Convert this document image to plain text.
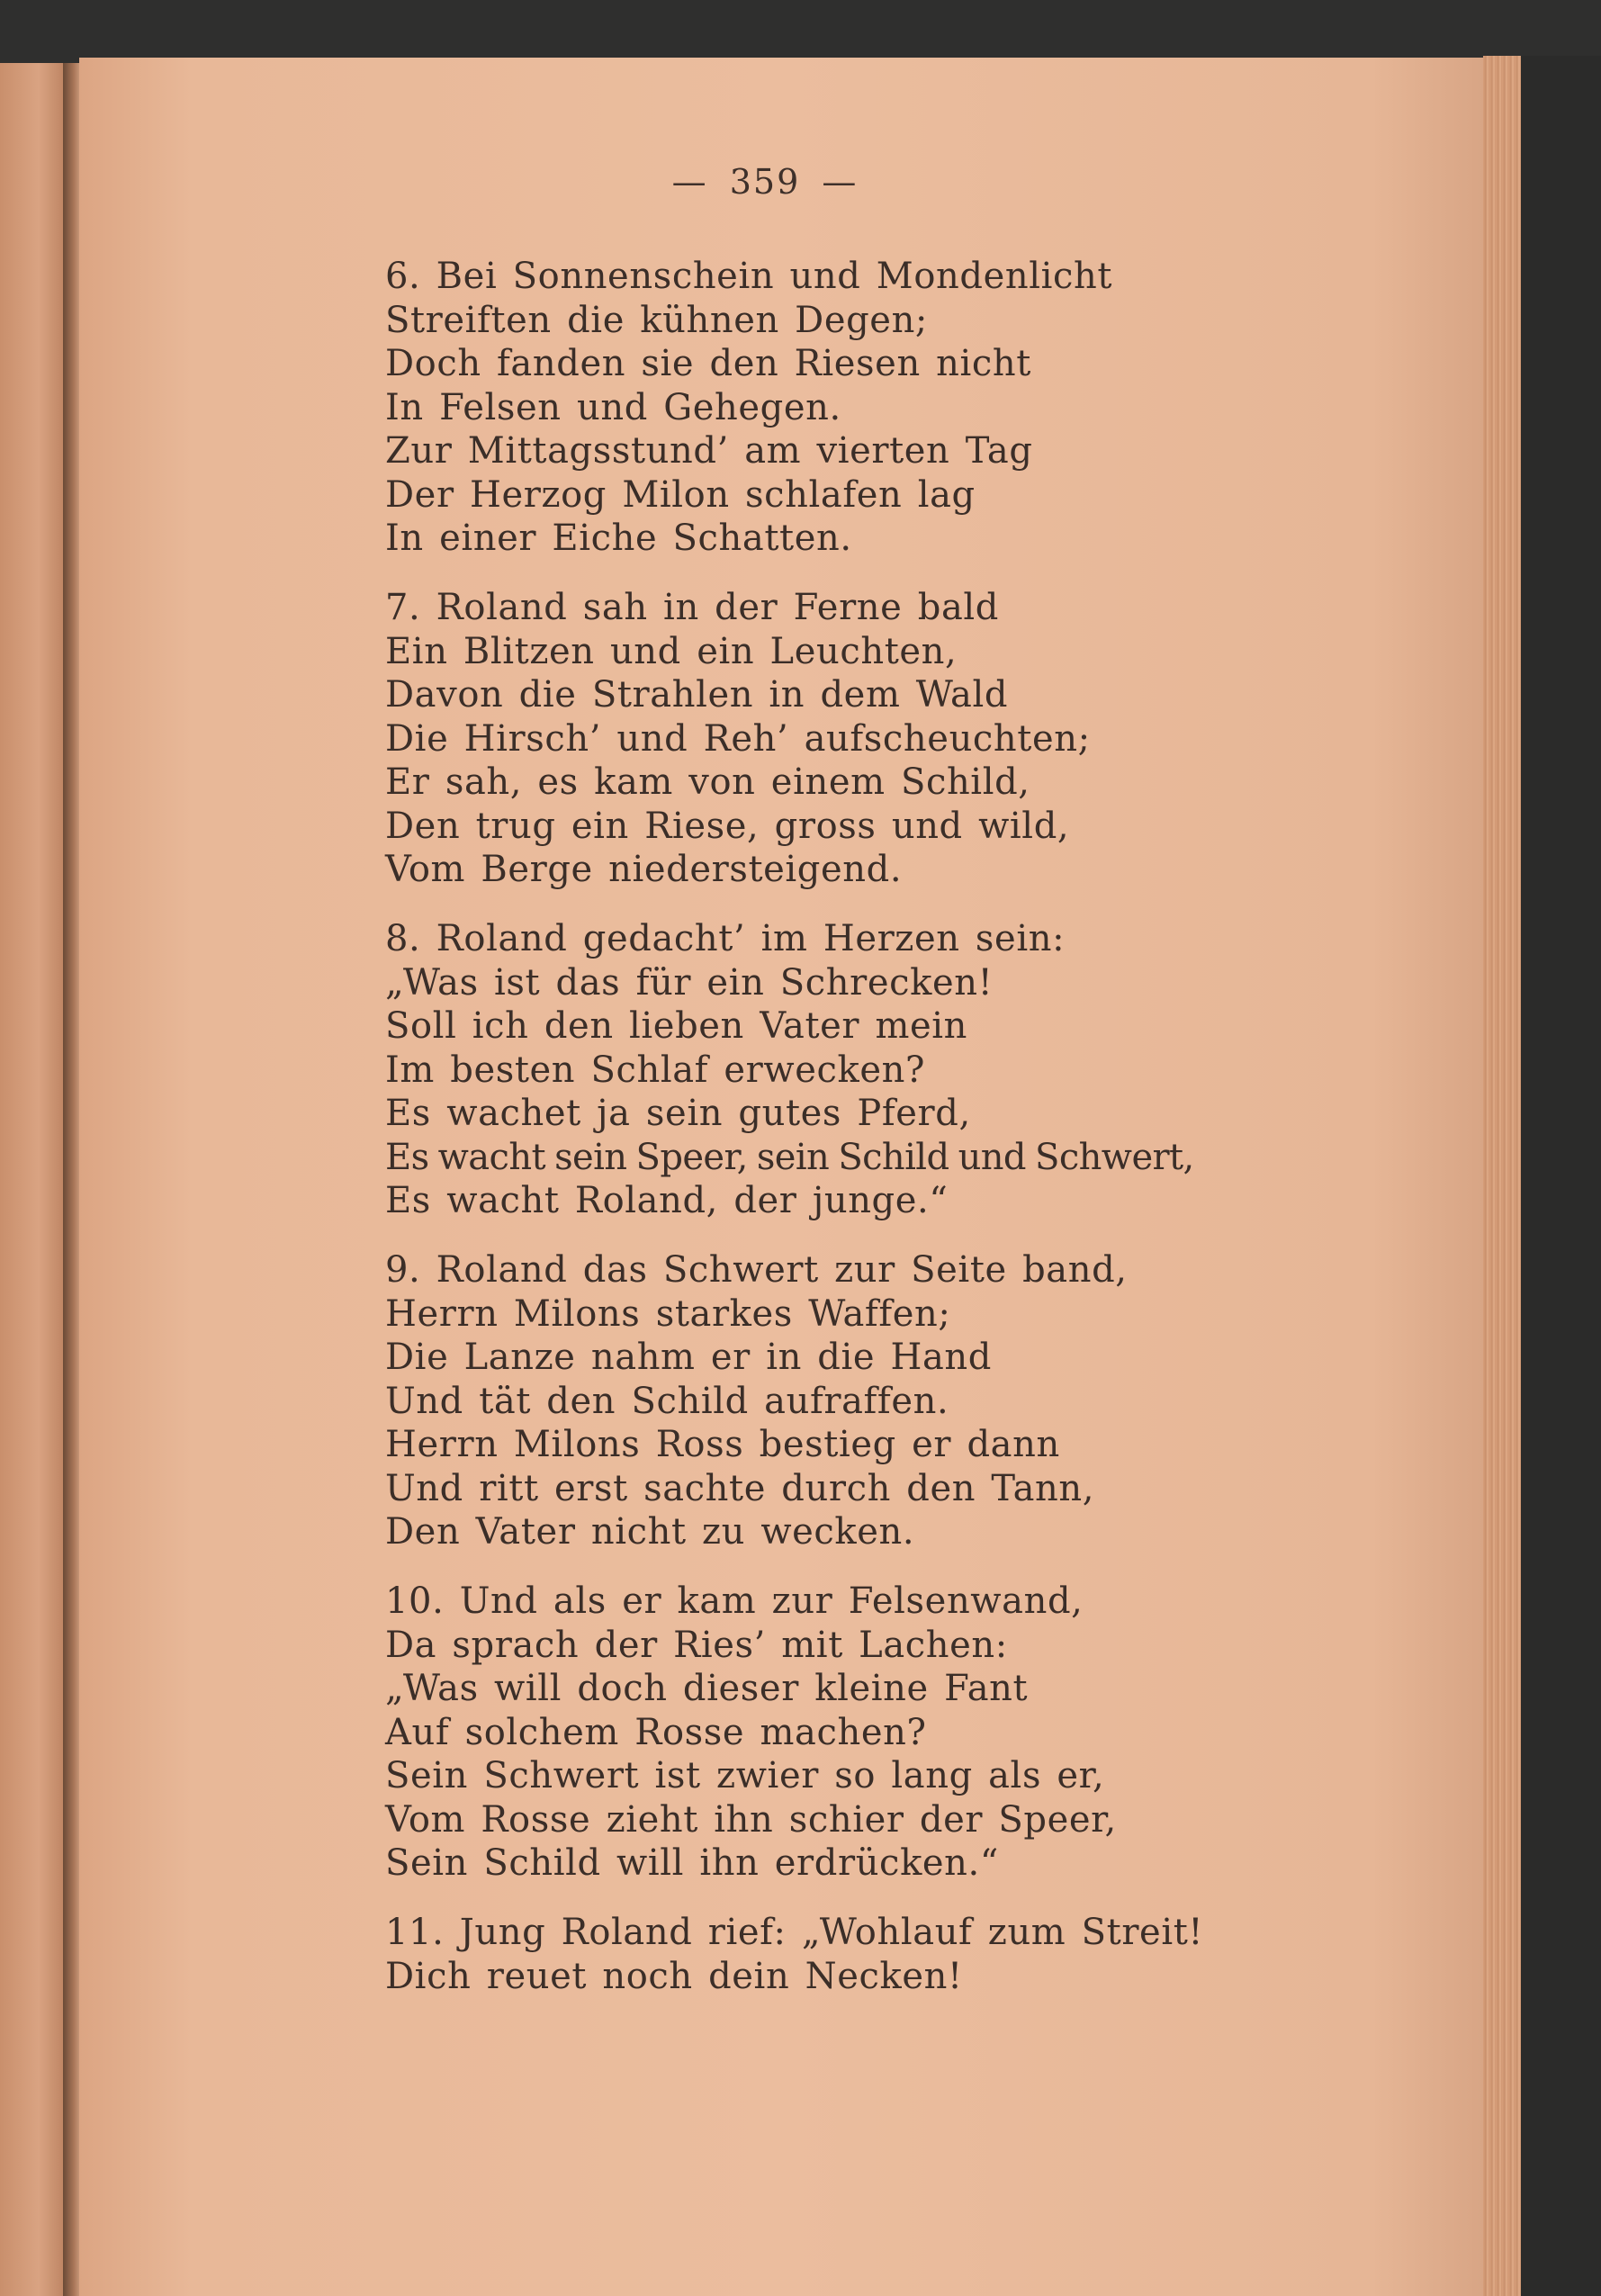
— 359 —

6. Bei Sonnenschein und Mondenlicht
Streiften die kühnen Degen;
Doch fanden sie den Riesen nicht
In Felsen und Gehegen.
Zur Mittagsstund’ am vierten Tag
Der Herzog Milon schlafen lag
In einer Eiche Schatten.
7. Roland sah in der Ferne bald
Ein Blitzen und ein Leuchten,
Davon die Strahlen in dem Wald
Die Hirsch’ und Reh’ aufscheuchten;
Er sah, es kam von einem Schild,
Den trug ein Riese, gross und wild,
Vom Berge niedersteigend.
8. Roland gedacht’ im Herzen sein:
„Was ist das für ein Schrecken!
Soll ich den lieben Vater mein
Im besten Schlaf erwecken?
Es wachet ja sein gutes Pferd,
Es wacht sein Speer, sein Schild und Schwert,
Es wacht Roland, der junge.“
9. Roland das Schwert zur Seite band,
Herrn Milons starkes Waffen;
Die Lanze nahm er in die Hand
Und tät den Schild aufraffen.
Herrn Milons Ross bestieg er dann
Und ritt erst sachte durch den Tann,
Den Vater nicht zu wecken.
10. Und als er kam zur Felsenwand,
Da sprach der Ries’ mit Lachen:
„Was will doch dieser kleine Fant
Auf solchem Rosse machen?
Sein Schwert ist zwier so lang als er,
Vom Rosse zieht ihn schier der Speer,
Sein Schild will ihn erdrücken.“
11. Jung Roland rief: „Wohlauf zum Streit!
Dich reuet noch dein Necken!
